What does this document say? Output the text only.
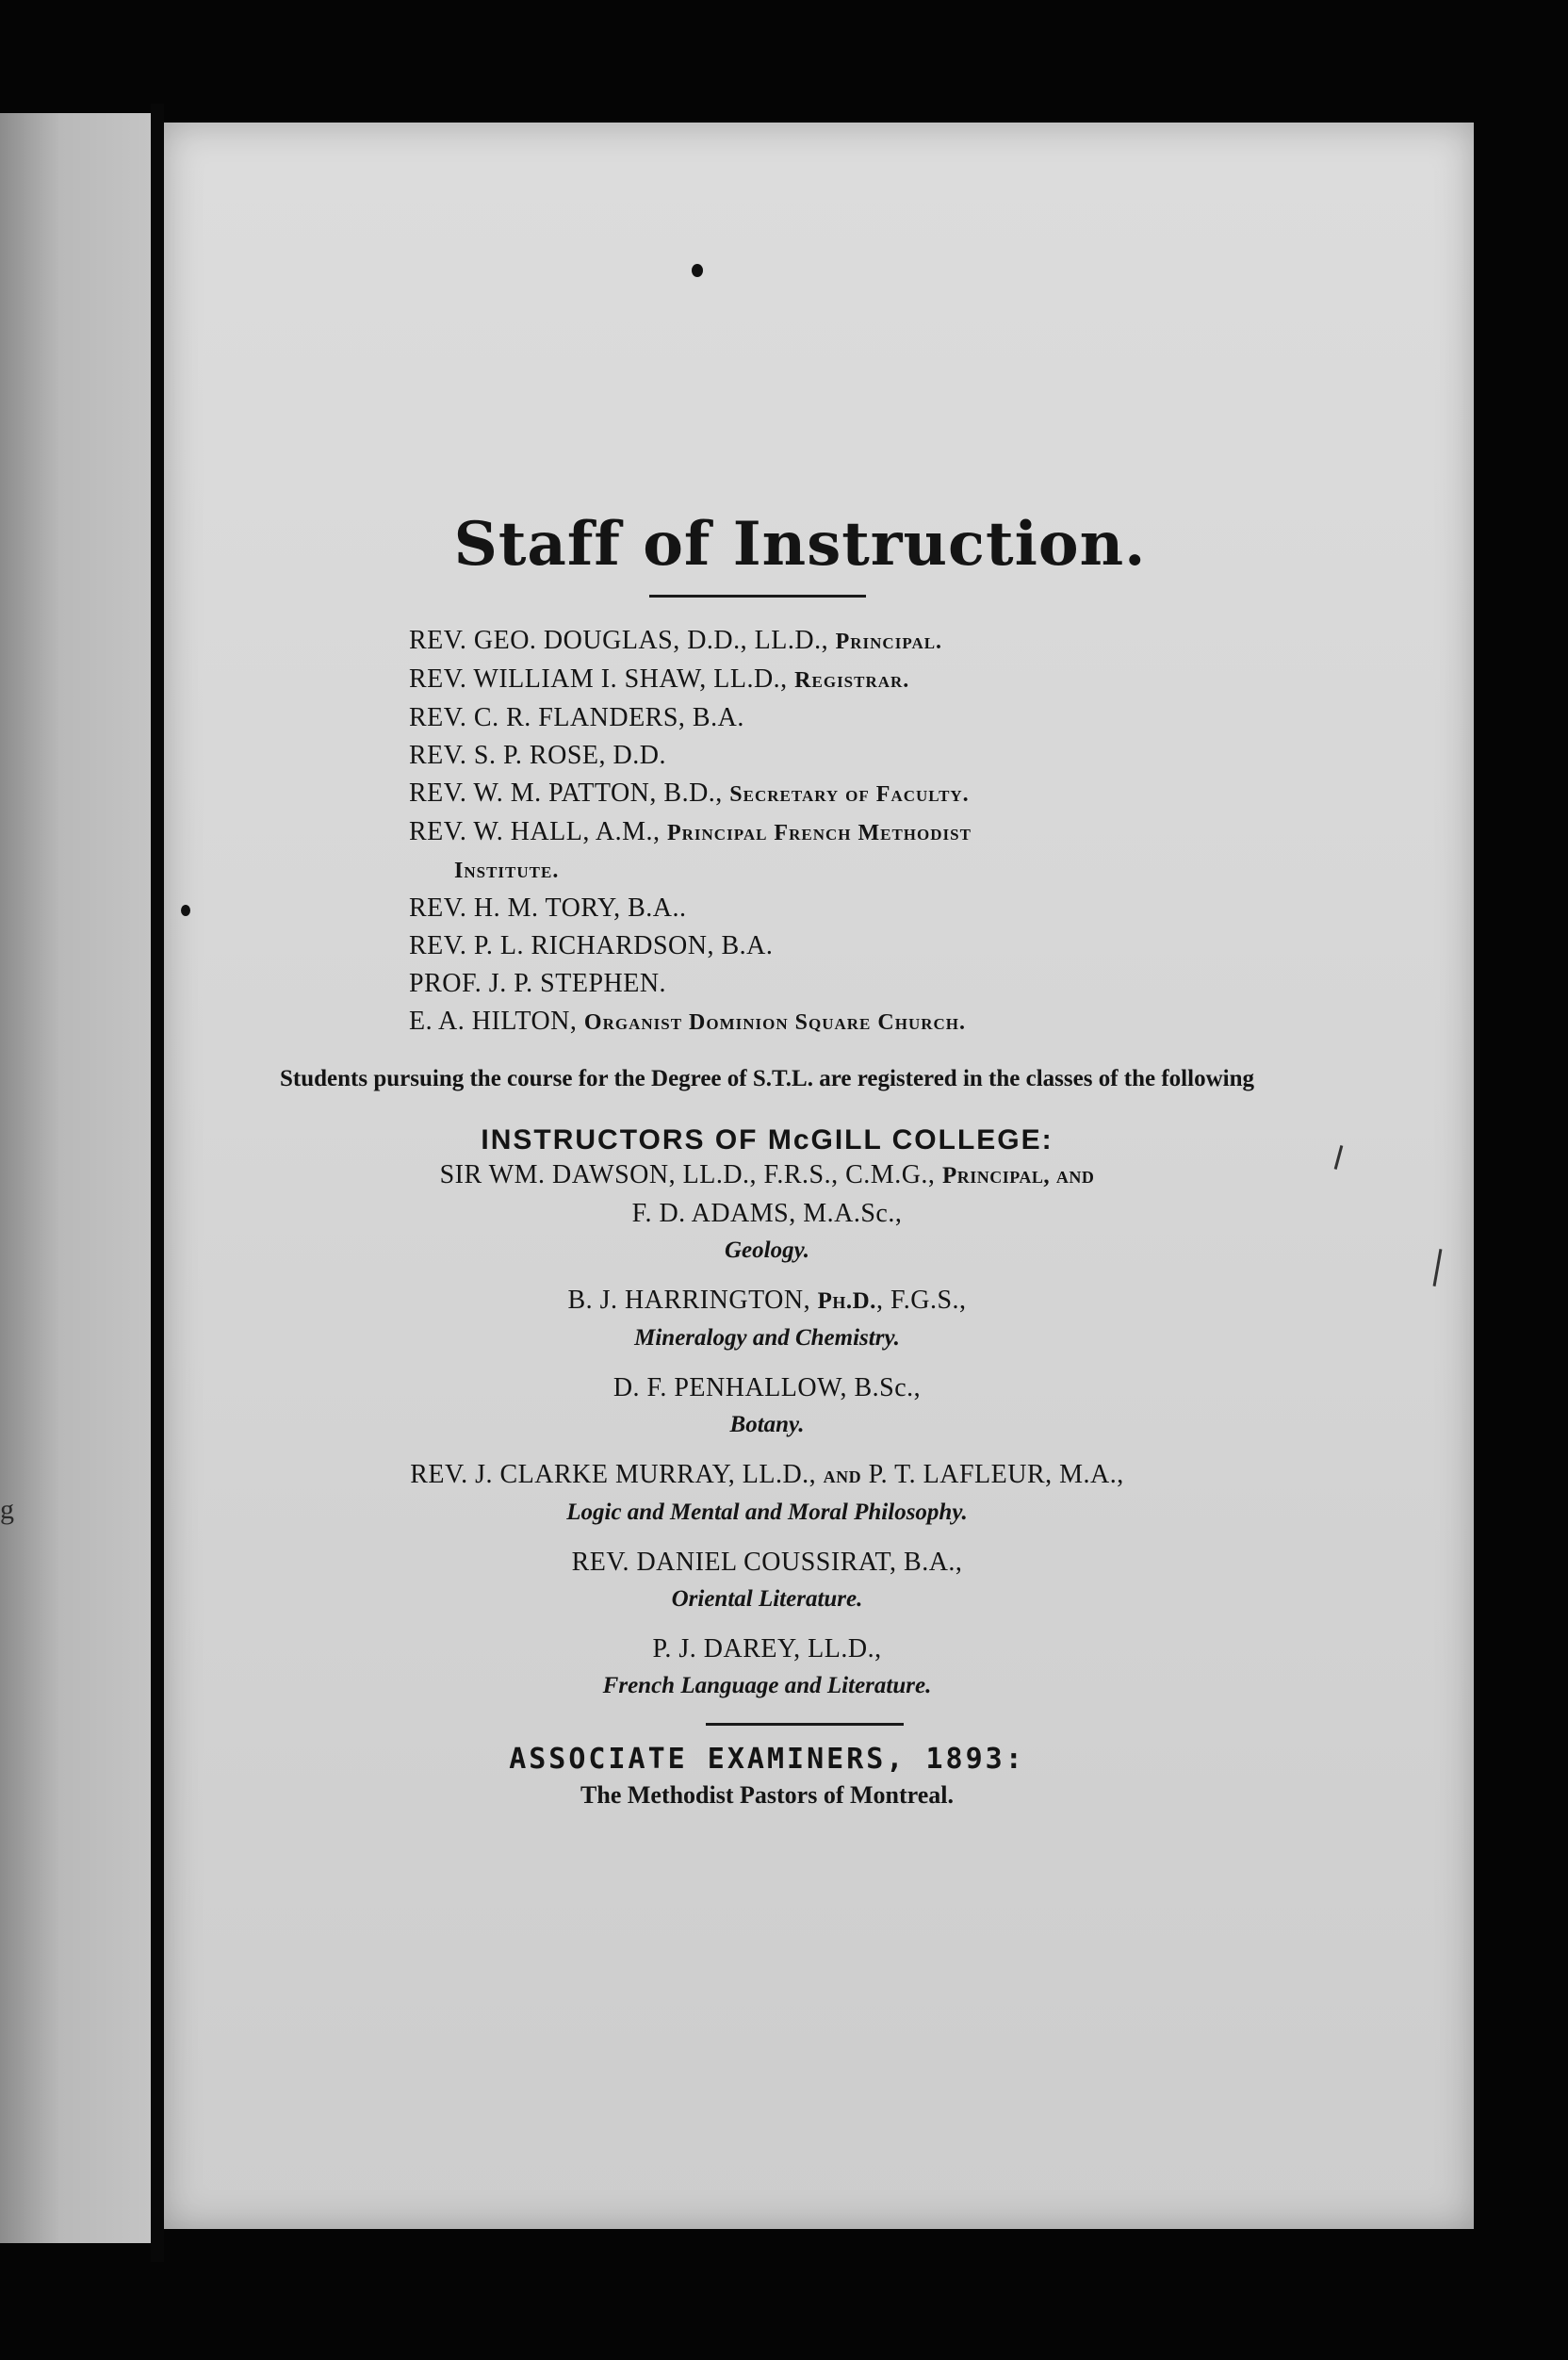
g
Staff of Instruction.
REV. GEO. DOUGLAS, D.D., LL.D., Principal.
REV. WILLIAM I. SHAW, LL.D., Registrar.
REV. C. R. FLANDERS, B.A.
REV. S. P. ROSE, D.D.
REV. W. M. PATTON, B.D., Secretary of Faculty.
REV. W. HALL, A.M., Principal French Methodist
Institute.
REV. H. M. TORY, B.A..
REV. P. L. RICHARDSON, B.A.
PROF. J. P. STEPHEN.
E. A. HILTON, Organist Dominion Square Church.

Students pursuing the course for the Degree of S.T.L. are registered in the classes of the following

INSTRUCTORS OF McGILL COLLEGE:
SIR WM. DAWSON, LL.D., F.R.S., C.M.G., Principal, and
F. D. ADAMS, M.A.Sc.,
Geology.
B. J. HARRINGTON, Ph.D., F.G.S.,
Mineralogy and Chemistry.
D. F. PENHALLOW, B.Sc.,
Botany.
REV. J. CLARKE MURRAY, LL.D., and P. T. LAFLEUR, M.A.,
Logic and Mental and Moral Philosophy.
REV. DANIEL COUSSIRAT, B.A.,
Oriental Literature.
P. J. DAREY, LL.D.,
French Language and Literature.
ASSOCIATE EXAMINERS, 1893:

The Methodist Pastors of Montreal.
